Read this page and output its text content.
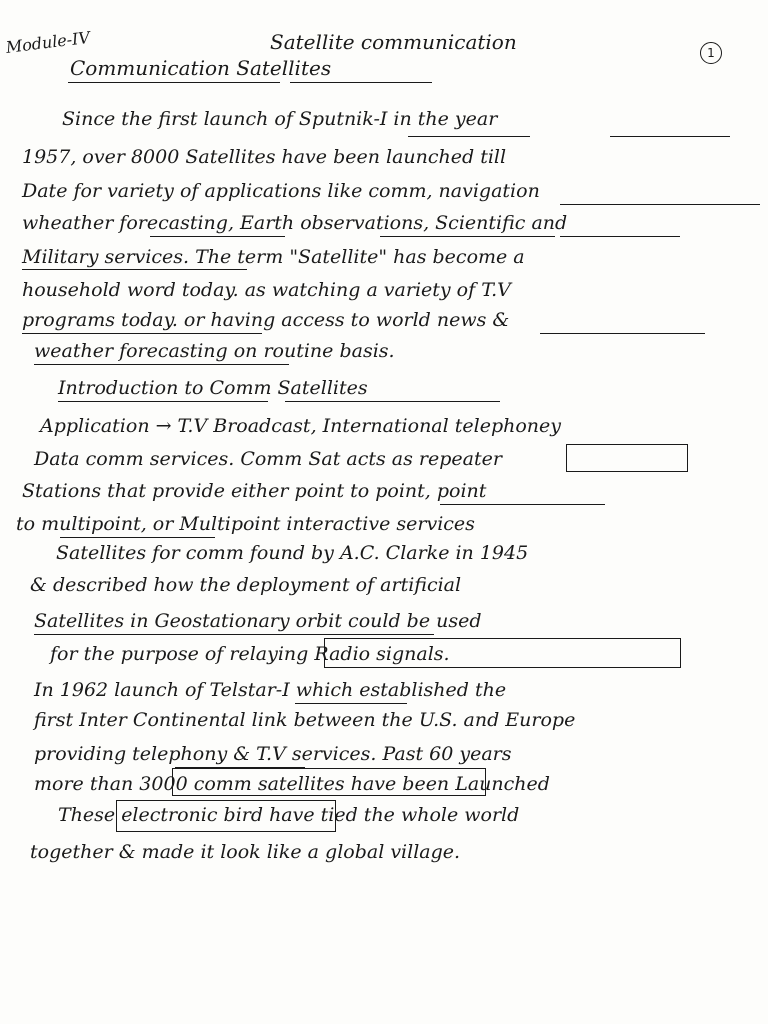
Module-IV	Satellite communication	1
Communication Satellites
Since the first launch of Sputnik-I in the year
1957, over 8000 Satellites have been launched till
Date for variety of applications like comm, navigation
wheather forecasting, Earth observations, Scientific and
Military services. The term "Satellite" has become a
household word today. as watching a variety of T.V
programs today. or having access to world news &
weather forecasting on routine basis.
Introduction to Comm Satellites
Application → T.V Broadcast, International telephoney
Data comm services. Comm Sat acts as repeater
Stations that provide either point to point, point
to multipoint, or Multipoint interactive services
Satellites for comm found by A.C. Clarke in 1945
& described how the deployment of artificial
Satellites in Geostationary orbit could be used
for the purpose of relaying Radio signals.
In 1962 launch of Telstar-I which established the
first Inter Continental link between the U.S. and Europe
providing telephony & T.V services. Past 60 years
more than 3000 comm satellites have been Launched
These electronic bird have tied the whole world
together & made it look like a global village.
